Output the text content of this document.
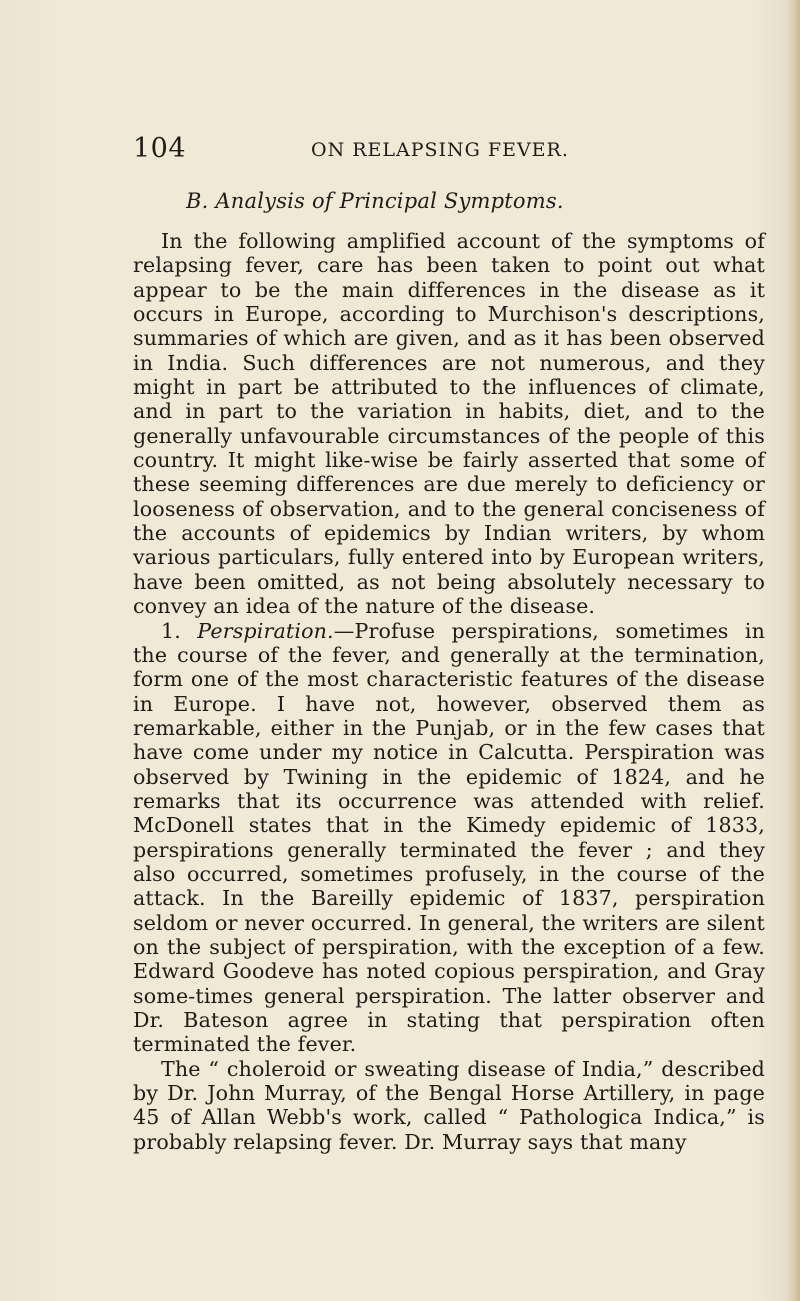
104	ON RELAPSING FEVER.
B. Analysis of Principal Symptoms.

In the following amplified account of the symptoms of relapsing fever, care has been taken to point out what appear to be the main differences in the disease as it occurs in Europe, according to Murchison's descriptions, summaries of which are given, and as it has been observed in India. Such differences are not numerous, and they might in part be attributed to the influences of climate, and in part to the variation in habits, diet, and to the generally unfavourable circumstances of the people of this country. It might like-wise be fairly asserted that some of these seeming differences are due merely to deficiency or looseness of observation, and to the general conciseness of the accounts of epidemics by Indian writers, by whom various particulars, fully entered into by European writers, have been omitted, as not being absolutely necessary to convey an idea of the nature of the disease.

1. Perspiration.—Profuse perspirations, sometimes in the course of the fever, and generally at the termination, form one of the most characteristic features of the disease in Europe. I have not, however, observed them as remarkable, either in the Punjab, or in the few cases that have come under my notice in Calcutta. Perspiration was observed by Twining in the epidemic of 1824, and he remarks that its occurrence was attended with relief. McDonell states that in the Kimedy epidemic of 1833, perspirations generally terminated the fever ; and they also occurred, sometimes profusely, in the course of the attack. In the Bareilly epidemic of 1837, perspiration seldom or never occurred. In general, the writers are silent on the subject of perspiration, with the exception of a few. Edward Goodeve has noted copious perspiration, and Gray some-times general perspiration. The latter observer and Dr. Bateson agree in stating that perspiration often terminated the fever.

The “ choleroid or sweating disease of India,” described by Dr. John Murray, of the Bengal Horse Artillery, in page 45 of Allan Webb's work, called “ Pathologica Indica,” is probably relapsing fever. Dr. Murray says that many
